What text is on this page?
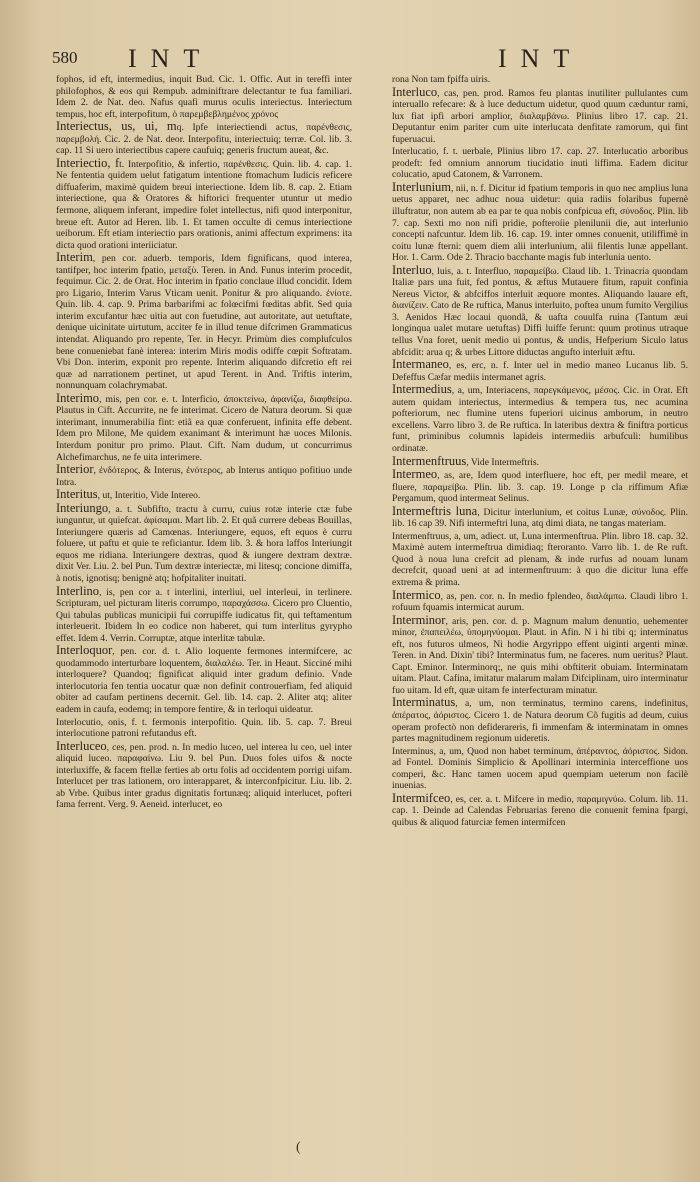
580 INT	INT
fophos, id eft, intermedius, inquit Bud. Cic. 1. Offic. Aut in tereffi inter philofophos, & eos qui Rempub. adminiftrare delectantur te fua familiari. Idem 2. de Nat. deo. Nafus quafi murus oculis interiectus. Interiectum tempus, hoc eft, interpofitum, ὁ παρεμβεβλημένος χρόνος
Interiectus, us, ui, mq. Ipfe interiectiendi actus, παρένθεσις, παρεμβολή. Cic. 2. de Nat. deor. Interpofitu, interiectuiq; terræ. Col. lib. 3. cap. 11 Si uero interiectibus capere caufuiq; generis fructum aueat, &c.
Interiectio, ft. Interpofitio, & infertio, παρένθεσις. Quin. lib. 4. cap. 1. Ne fententia quidem uelut fatigatum intentione ftomachum Iudicis reficere diffuaferim, maximè quidem breui interiectione. Idem lib. 8. cap. 2. Etiam interiectione, qua & Oratores & hiftorici frequenter utuntur ut medio fermone, aliquem inferant, impedire folet intellectus, nifi quod interponitur, breue eft. Autor ad Heren. lib. 1. Et tamen occulte di cemus interiectione ueiborum. Eft etiam interiectio pars orationis, animi affectum exprimens: ita dicta quod orationi interiiciatur.
Interim, pen cor. aduerb. temporis, Idem fignificans, quod interea, tantifper, hoc interim fpatio, μεταξὺ. Teren. in And. Funus interim procedit, fequimur. Cic. 2. de Orat. Hoc interim in fpatio conclaue illud concidit. Idem pro Ligario, Interim Varus Vticam uenit. Ponitur & pro aliquando. ἐνίοτε. Quin. lib. 4. cap. 9. Prima barbarifmi ac folœcifmi fœditas abfit. Sed quia interim excufantur hæc uitia aut con fuetudine, aut autoritate, aut uetuftate, denique uicinitate uirtutum, acciter fe in illud tenue difcrimen Grammaticus intendat. Aliquando pro repente, Ter. in Hecyr. Primùm dies complufculos bene conueniebat fanè interea: interim Miris modis odiffe cœpit Softratam. Vbi Don. interim, exponit pro repente. Interim aliquando difcretio eft rei quæ ad narrationem pertinet, ut apud Terent. in And. Triftis interim, nonnunquam colachrymabat.
Interimo, mis, pen cor. e. t. Interficio, ἀποκτείνω, ἀφανίζω, διαφθείρω. Plautus in Cift. Accurrite, ne fe interimat. Cicero de Natura deorum. Si quæ interimant, innumerabilia fint: etiã ea quæ conferuent, infinita effe debent. Idem pro Milone, Me quidem exanimant & interimunt hæ uoces Milonis. Interdum ponitur pro primo. Plaut. Cift. Nam dudum, ut concurrimus Alchefimarchus, ne fe uita interimere.
Interior, ἐνδότερος, & Interus, ἐνότερος, ab Interus antiquo pofitiuo unde Intra.
Interitus, ut, Interitio, Vide Intereo.
Interiungo, a. t. Subfifto, tractu à curru, cuius rotæ interie ctæ fube iunguntur, ut quiefcat. ἀφίσαμαι. Mart lib. 2. Et quã currere debeas Bouillas, Interiungere quæris ad Camœnas. Interiungere, equos, eft equos è curru foluere, ut paftu et quie te reficiantur. Idem lib. 3. & hora laffos Interiungit equos me ridiana. Interiungere dextras, quod & iungere dextram dextræ. dixit Ver. Liu. 2. bel Pun. Tum dextræ interiectæ, mi litesq; concione dimiffa, à notis, ignotisq; benignè atq; hofpitaliter inuitati.
Interlino, is, pen cor a. t interlini, interliui, uel interleui, in terlinere. Scripturam, uel picturam literis corrumpo, παραχάσσω. Cicero pro Cluentio, Qui tabulas publicas municipii fui corrupiffe iudicatus fit, qui teftamentum interleuerit. Ibidem In eo codice non haberet, qui tum interlitus gyrypho effet. Idem 4. Verrin. Corruptæ, atque interlitæ tabulæ.
Interloquor, pen. cor. d. t. Alio loquente fermones intermifcere, ac quodammodo interturbare loquentem, διαλαλέω. Ter. in Heaut. Sicciné mihi interloquere? Quandoq; fignificat aliquid inter gradum definio. Vnde interlocutoria fen tentia uocatur quæ non definit controuerfiam, fed aliquid obiter ad caufam pertinens decernit. Gel. lib. 14. cap. 2. Aliter atq; aliter eadem in caufa, eodemq; in tempore fentire, & in terloqui uideatur.
Interlocutio, onis, f. t. fermonis interpofitio. Quin. lib. 5. cap. 7. Breui interlocutione patroni refutandus eft.
Interluceo, ces, pen. prod. n. In medio luceo, uel interea lu ceo, uel inter aliquid luceo. παραφαίνω. Liu 9. bel Pun. Duos foles uifos & nocte interluxiffe, & facem ftellæ ferties ab ortu folis ad occidentem porrigi uifam. Interlucet per tras lationem, oro interapparet, & interconfpicitur. Liu. lib. 2. ab Vrbe. Quibus inter gradus dignitatis fortunæq; aliquid interlucet, pofteri fama ferrent. Verg. 9. Aeneid. interlucet, eo
rona Non tam fpiffa uiris.
Interluco, cas, pen. prod. Ramos feu plantas inutiliter pullulantes cum interuallo refecare: & à luce deductum uidetur, quod quum cæduntur rami, lux fiat ipfi arbori amplior, διαλαμβάνω. Plinius libro 17. cap. 21. Deputantur enim pariter cum uite interlucata denfitate ramorum, qui fint fuperuacui.
Interlucatio, f. t. uerbale, Plinius libro 17. cap. 27. Interlucatio arboribus prodeft: fed omnium annorum tiucidatio inuti liffima. Eadem dicitur colucatio, apud Catonem, & Varronem.
Interlunium, nii, n. f. Dicitur id fpatium temporis in quo nec amplius luna uetus apparet, nec adhuc noua uidetur: quia radiis folaribus fupernè illuftratur, non autem ab ea par te qua nobis confpicua eft, σύνοδος. Plin. lib 7. cap. Sexti mo non nifi pridie, pofteroíie plenilunii die, aut interlunio concepti nafcuntur. Idem lib. 16. cap. 19. inter omnes conuenit, utiliffimè in coitu lunæ fterni: quem diem alii interlunium, alii filentis lunæ appellant. Hor. 1. Carm. Ode 2. Thracio bacchante magis fub interlunia uento.
Interluo, luis, a. t. Interfluo, παραμείβω. Claud lib. 1. Trinacria quondam Italiæ pars una fuit, fed pontus, & æftus Mutauere fitum, rapuit confinia Nereus Victor, & abfciffos interluit æquore montes. Aliquando lauare eft, διανίζειν. Cato de Re ruftica, Manus interluito, poftea unum fumito Vergilius 3. Aenidos Hæc locaui quondã, & uafta couulfa ruina (Tantum æui longinqua ualet mutare uetuftas) Diffi luiffe ferunt: quum protinus utraque tellus Vna foret, uenit medio ui pontus, & undis, Hefperium Siculo latus abfcidit: arua q; & urbes Littore diductas angufto interluit æftu.
Intermaneo, es, erc, n. f. Inter uel in medio maneo Lucanus lib. 5. Defeffus Cæfar mediis intermanet agris.
Intermedius, a, um, Interiacens, παρεγκάμενος, μέσος. Cic. in Orat. Eft autem quidam interiectus, intermedius & tempera tus, nec acumina pofteriorum, nec flumine utens fuperiori uicinus amborum, in neutro excellens. Varro libro 3. de Re ruftica. In lateribus dextra & finiftra porticus funt, priminibus columnis lapideis intermediis arbufculi: humilibus ordinatæ.
Intermenftruus, Vide Intermeftris.
Intermeo, as, are, Idem quod interfluere, hoc eft, per medil meare, et fluere, παραμείβω. Plin. lib. 3. cap. 19. Longe p cla riffimum Afiæ Pergamum, quod intermeat Selinus.
Intermeftris luna, Dicitur interlunium, et coitus Lunæ, σύνοδος. Plin. lib. 16 cap 39. Nifi intermeftri luna, atq dimi diata, ne tangas materiam.
Intermenftruus, a, um, adiect. ut, Luna intermenftrua. Plin. libro 18. cap. 32. Maximè autem intermeftrua dimidiaq; fteroranto. Varro lib. 1. de Re ruft. Quod à noua luna crefcit ad plenam, & inde rurfus ad nouam lunam decrefcit, quoad ueni at ad intermenftruum: à quo die dicitur luna effe extrema & prima.
Intermico, as, pen. cor. n. In medio fplendeo, διαλάμπω. Claudi libro 1. rofuum fquamis intermicat aurum.
Interminor, aris, pen. cor. d. p. Magnum malum denuntio, uehementer minor, ἐπαπειλέω, ὑπομηνύομαι. Plaut. in Afin. N i hi tibi q; interminatus eft, nos futuros ulmeos, Ni hodie Argyrippo effent uiginti argenti minæ. Teren. in And. Dixin' tibi? Interminatus fum, ne faceres. num ueritus? Plaut. Capt. Eminor. Interminorq;, ne quis mihi obftiterit obuiam. Interminatam uitam. Plaut. Cafina, imitatur malarum malam Difciplinam, uiro interminatur fuo uitam. Id eft, quæ uitam fe interfecturam minatur.
Interminatus, a, um, non terminatus, termino carens, indefinitus, ἀπέρατος, ἀόριστος. Cicero 1. de Natura deorum Cõ fugitis ad deum, cuius operam profectò non defiderareris, fi immenfam & interminatam in omnes partes magnitudinem regionum uideretis.
Interminus, a, um, Quod non habet terminum, ἀπέραντος, ἀόριστος. Sidon. ad Fontel. Dominis Simplicio & Apollinari interminia interceffione uos comperi, &c. Hanc tamen uocem apud quempiam ueterum non facilè inuenias.
Intermifceo, es, cer. a. t. Mifcere in medio, παραμιγνύω. Colum. lib. 11. cap. 1. Deinde ad Calendas Februarias fereno die conuenit femina fpargi, quibus & aliquod faturciæ femen intermifcen
(
